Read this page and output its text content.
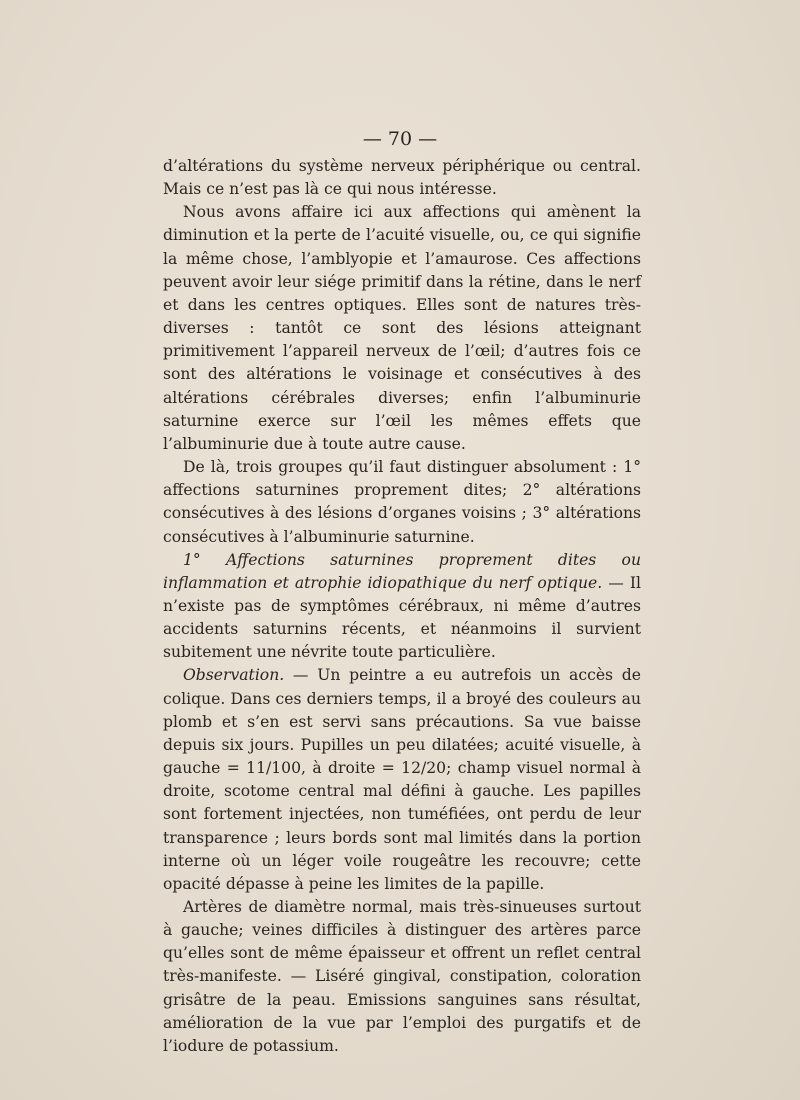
— 70 —

d’altérations du système nerveux périphérique ou central. Mais ce n’est pas là ce qui nous intéresse.

Nous avons affaire ici aux affections qui amènent la diminution et la perte de l’acuité visuelle, ou, ce qui signifie la même chose, l’amblyopie et l’amaurose. Ces affections peuvent avoir leur siége primitif dans la rétine, dans le nerf et dans les centres optiques. Elles sont de natures très-diverses : tantôt ce sont des lésions atteignant primitivement l’appareil nerveux de l’œil; d’autres fois ce sont des altérations le voisinage et consécutives à des altérations cérébrales diverses; enfin l’albuminurie saturnine exerce sur l’œil les mêmes effets que l’albuminurie due à toute autre cause.

De là, trois groupes qu’il faut distinguer absolument : 1° affections saturnines proprement dites; 2° altérations consécutives à des lésions d’organes voisins ; 3° altérations consécutives à l’albuminurie saturnine.

1° Affections saturnines proprement dites ou inflammation et atrophie idiopathique du nerf optique. — Il n’existe pas de symptômes cérébraux, ni même d’autres accidents saturnins récents, et néanmoins il survient subitement une névrite toute particulière.

Observation. — Un peintre a eu autrefois un accès de colique. Dans ces derniers temps, il a broyé des couleurs au plomb et s’en est servi sans précautions. Sa vue baisse depuis six jours. Pupilles un peu dilatées; acuité visuelle, à gauche = 11/100, à droite = 12/20; champ visuel normal à droite, scotome central mal défini à gauche. Les papilles sont fortement injectées, non tuméfiées, ont perdu de leur transparence ; leurs bords sont mal limités dans la portion interne où un léger voile rougeâtre les recouvre; cette opacité dépasse à peine les limites de la papille.

Artères de diamètre normal, mais très-sinueuses surtout à gauche; veines difficiles à distinguer des artères parce qu’elles sont de même épaisseur et offrent un reflet central très-manifeste. — Liséré gingival, constipation, coloration grisâtre de la peau. Emissions sanguines sans résultat, amélioration de la vue par l’emploi des purgatifs et de l’iodure de potassium.
